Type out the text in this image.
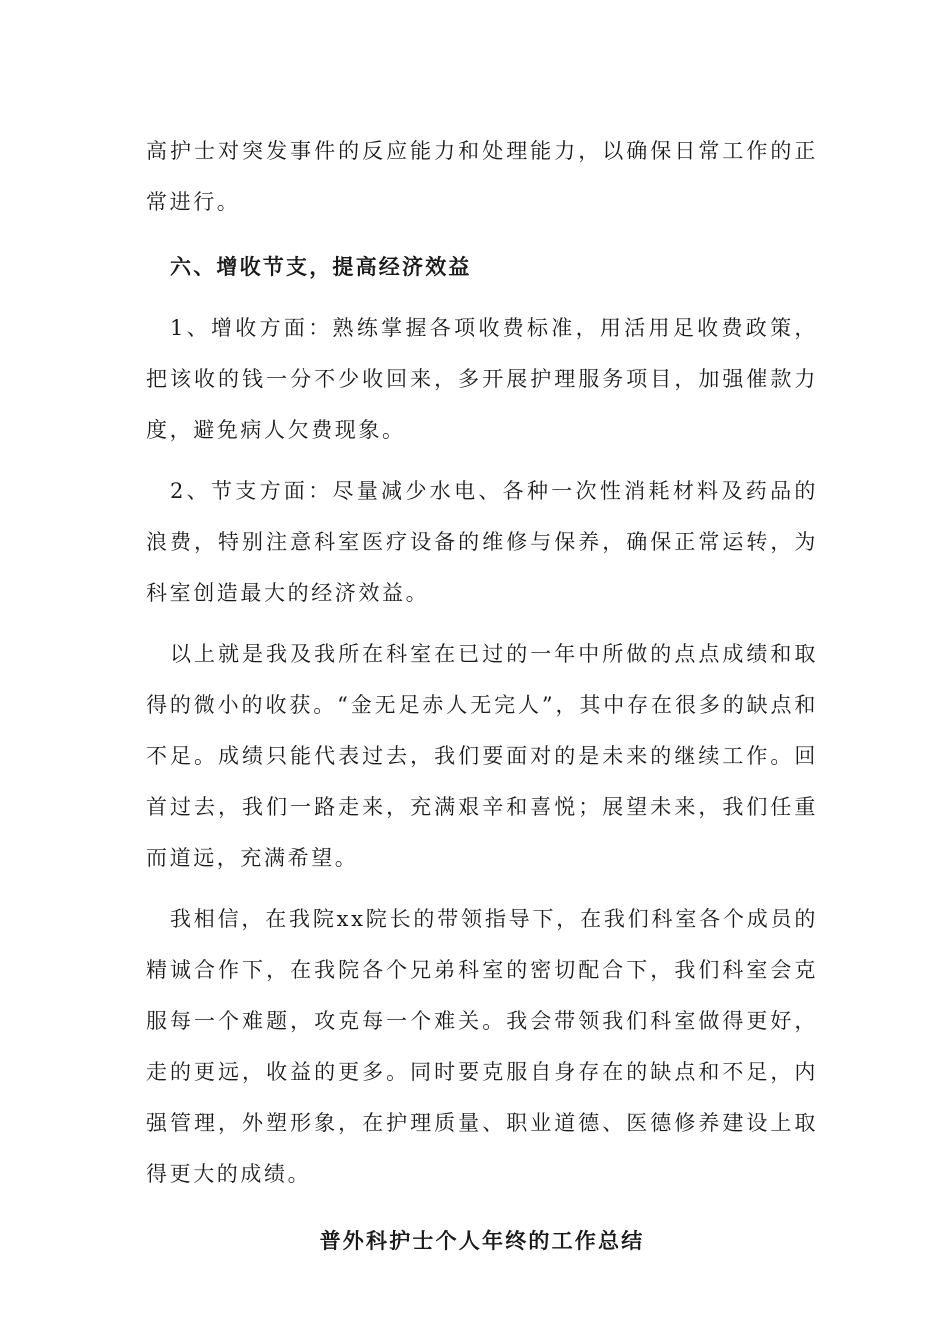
高护士对突发事件的反应能力和处理能力，以确保日常工作的正常进行。

六、增收节支，提高经济效益

1、增收方面：熟练掌握各项收费标准，用活用足收费政策，把该收的钱一分不少收回来，多开展护理服务项目，加强催款力度，避免病人欠费现象。

2、节支方面：尽量减少水电、各种一次性消耗材料及药品的浪费，特别注意科室医疗设备的维修与保养，确保正常运转，为科室创造最大的经济效益。

以上就是我及我所在科室在已过的一年中所做的点点成绩和取得的微小的收获。“金无足赤人无完人”，其中存在很多的缺点和不足。成绩只能代表过去，我们要面对的是未来的继续工作。回首过去，我们一路走来，充满艰辛和喜悦；展望未来，我们任重而道远，充满希望。

我相信，在我院xx院长的带领指导下，在我们科室各个成员的精诚合作下，在我院各个兄弟科室的密切配合下，我们科室会克服每一个难题，攻克每一个难关。我会带领我们科室做得更好，走的更远，收益的更多。同时要克服自身存在的缺点和不足，内强管理，外塑形象，在护理质量、职业道德、医德修养建设上取得更大的成绩。

普外科护士个人年终的工作总结
